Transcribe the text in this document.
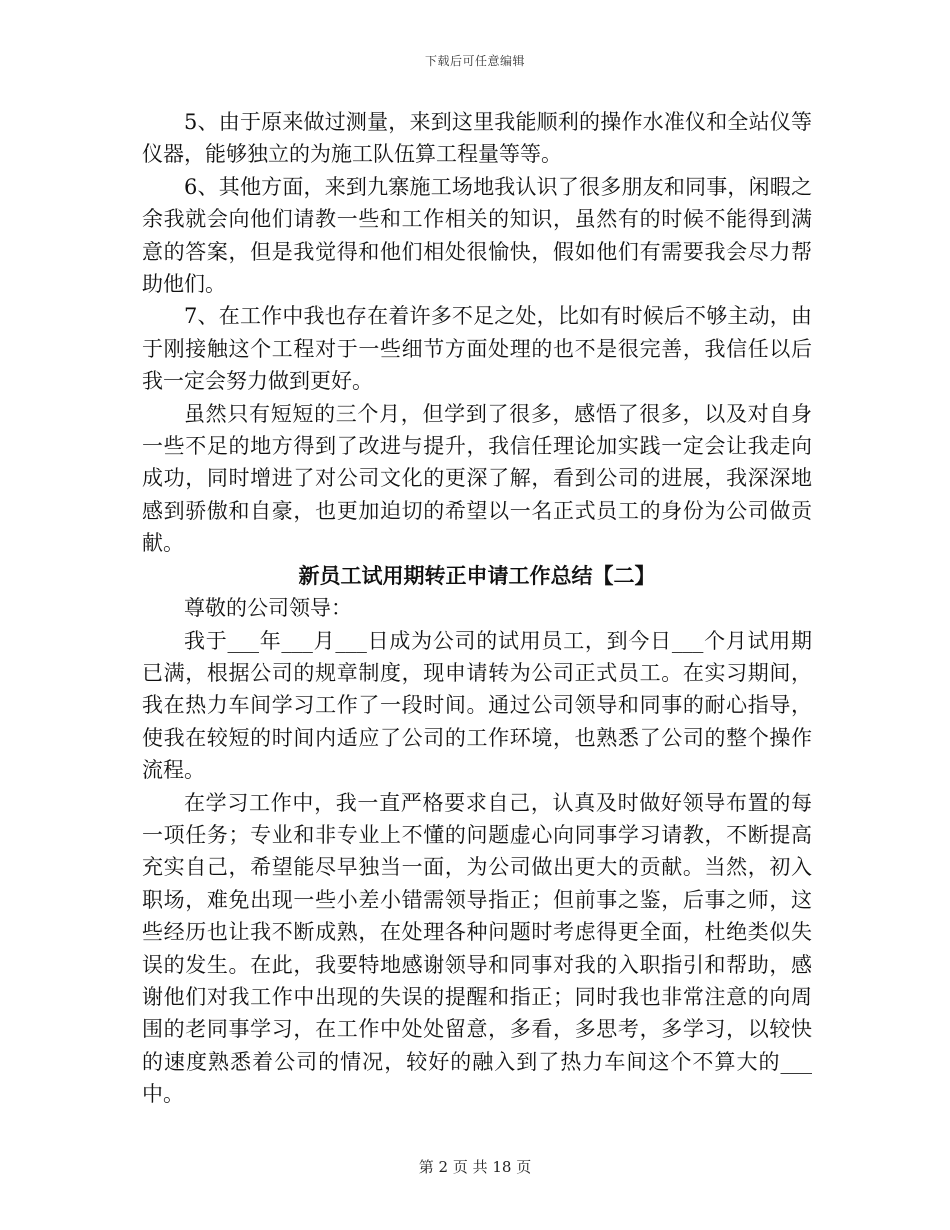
下载后可任意编辑

5、由于原来做过测量，来到这里我能顺利的操作水准仪和全站仪等仪器，能够独立的为施工队伍算工程量等等。

6、其他方面，来到九寨施工场地我认识了很多朋友和同事，闲暇之余我就会向他们请教一些和工作相关的知识，虽然有的时候不能得到满意的答案，但是我觉得和他们相处很愉快，假如他们有需要我会尽力帮助他们。

7、在工作中我也存在着许多不足之处，比如有时候后不够主动，由于刚接触这个工程对于一些细节方面处理的也不是很完善，我信任以后我一定会努力做到更好。

虽然只有短短的三个月，但学到了很多，感悟了很多，以及对自身一些不足的地方得到了改进与提升，我信任理论加实践一定会让我走向成功，同时增进了对公司文化的更深了解，看到公司的进展，我深深地感到骄傲和自豪，也更加迫切的希望以一名正式员工的身份为公司做贡献。

新员工试用期转正申请工作总结【二】

尊敬的公司领导：

我于___年___月___日成为公司的试用员工，到今日___个月试用期已满，根据公司的规章制度，现申请转为公司正式员工。在实习期间，我在热力车间学习工作了一段时间。通过公司领导和同事的耐心指导，使我在较短的时间内适应了公司的工作环境，也熟悉了公司的整个操作流程。

在学习工作中，我一直严格要求自己，认真及时做好领导布置的每一项任务；专业和非专业上不懂的问题虚心向同事学习请教，不断提高充实自己，希望能尽早独当一面，为公司做出更大的贡献。当然，初入职场，难免出现一些小差小错需领导指正；但前事之鉴，后事之师，这些经历也让我不断成熟，在处理各种问题时考虑得更全面，杜绝类似失误的发生。在此，我要特地感谢领导和同事对我的入职指引和帮助，感谢他们对我工作中出现的失误的提醒和指正；同时我也非常注意的向周围的老同事学习，在工作中处处留意，多看，多思考，多学习，以较快的速度熟悉着公司的情况，较好的融入到了热力车间这个不算大的___中。

第 2 页 共 18 页
